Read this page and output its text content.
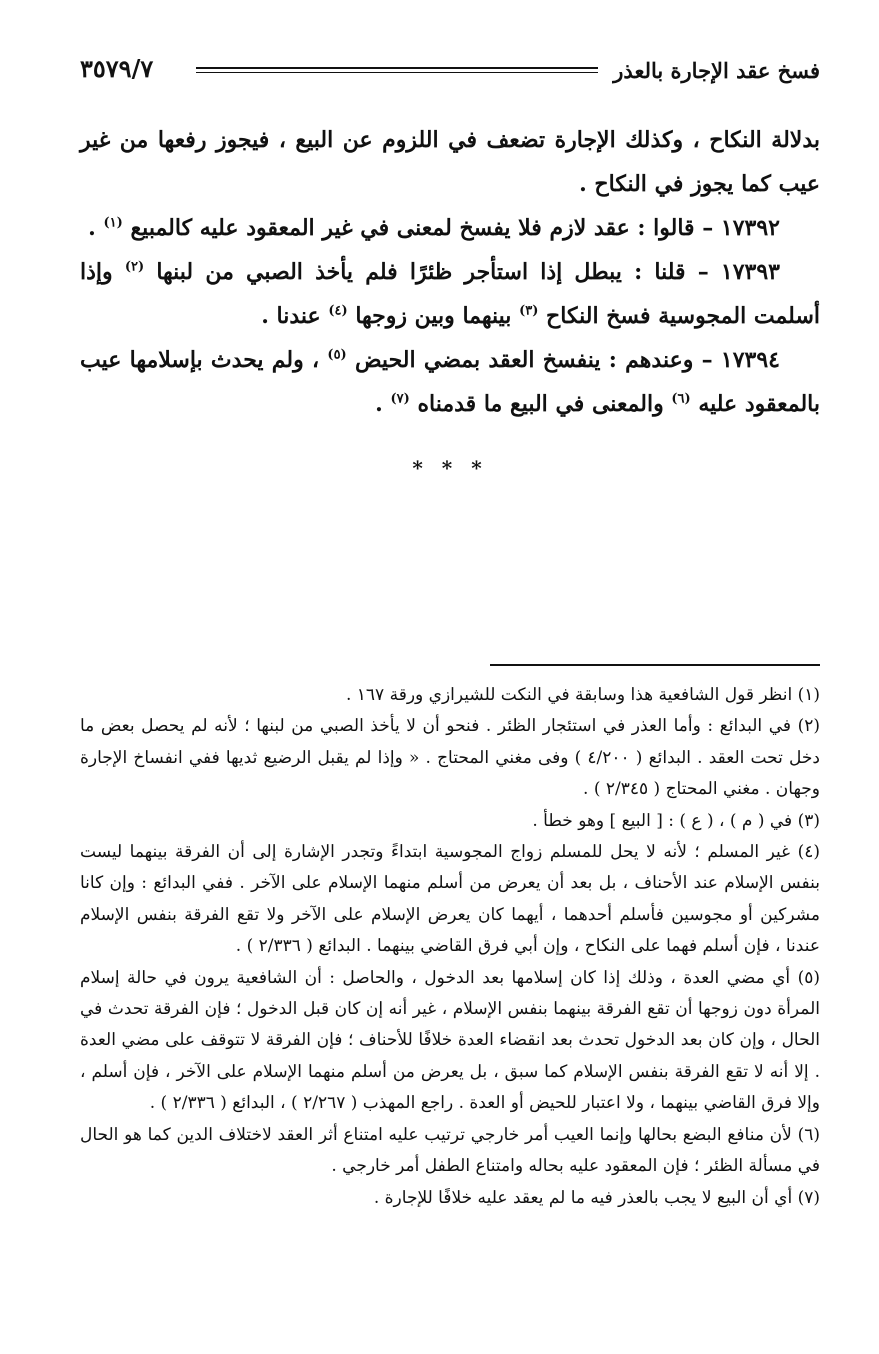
فسخ عقد الإجارة بالعذر
٣٥٧٩/٧

بدلالة النكاح ، وكذلك الإجارة تضعف في اللزوم عن البيع ، فيجوز رفعها من غير عيب كما يجوز في النكاح .

١٧٣٩٢ – قالوا : عقد لازم فلا يفسخ لمعنى في غير المعقود عليه كالمبيع $^{(١)}$ .

١٧٣٩٣ – قلنا : يبطل إذا استأجر ظئرًا فلم يأخذ الصبي من لبنها $^{(٢)}$ وإذا أسلمت المجوسية فسخ النكاح $^{(٣)}$ بينهما وبين زوجها $^{(٤)}$ عندنا .

١٧٣٩٤ – وعندهم : ينفسخ العقد بمضي الحيض $^{(٥)}$ ، ولم يحدث بإسلامها عيب بالمعقود عليه $^{(٦)}$ والمعنى في البيع ما قدمناه $^{(٧)}$ .

* * *

(١) انظر قول الشافعية هذا وسابقة في النكت للشيرازي ورقة ١٦٧ .

(٢) في البدائع : وأما العذر في استئجار الظئر . فنحو أن لا يأخذ الصبي من لبنها ؛ لأنه لم يحصل بعض ما دخل تحت العقد . البدائع ( ٤/٢٠٠ ) وفى مغني المحتاج . « وإذا لم يقبل الرضيع ثديها ففي انفساخ الإجارة وجهان . مغني المحتاج ( ٢/٣٤٥ ) .

(٣) في ( م ) ، ( ع ) : [ البيع ] وهو خطأ .

(٤) غير المسلم ؛ لأنه لا يحل للمسلم زواج المجوسية ابتداءً وتجدر الإشارة إلى أن الفرقة بينهما ليست بنفس الإسلام عند الأحناف ، بل بعد أن يعرض من أسلم منهما الإسلام على الآخر . ففي البدائع : وإن كانا مشركين أو مجوسين فأسلم أحدهما ، أيهما كان يعرض الإسلام على الآخر ولا تقع الفرقة بنفس الإسلام عندنا ، فإن أسلم فهما على النكاح ، وإن أبي فرق القاضي بينهما . البدائع ( ٢/٣٣٦ ) .

(٥) أي مضي العدة ، وذلك إذا كان إسلامها بعد الدخول ، والحاصل : أن الشافعية يرون في حالة إسلام المرأة دون زوجها أن تقع الفرقة بينهما بنفس الإسلام ، غير أنه إن كان قبل الدخول ؛ فإن الفرقة تحدث في الحال ، وإن كان بعد الدخول تحدث بعد انقضاء العدة خلافًا للأحناف ؛ فإن الفرقة لا تتوقف على مضي العدة . إلا أنه لا تقع الفرقة بنفس الإسلام كما سبق ، بل يعرض من أسلم منهما الإسلام على الآخر ، فإن أسلم ، وإلا فرق القاضي بينهما ، ولا اعتبار للحيض أو العدة . راجع المهذب ( ٢/٢٦٧ ) ، البدائع ( ٢/٣٣٦ ) .

(٦) لأن منافع البضع بحالها وإنما العيب أمر خارجي ترتيب عليه امتناع أثر العقد لاختلاف الدين كما هو الحال في مسألة الظئر ؛ فإن المعقود عليه بحاله وامتناع الطفل أمر خارجي .

(٧) أي أن البيع لا يجب بالعذر فيه ما لم يعقد عليه خلافًا للإجارة .
